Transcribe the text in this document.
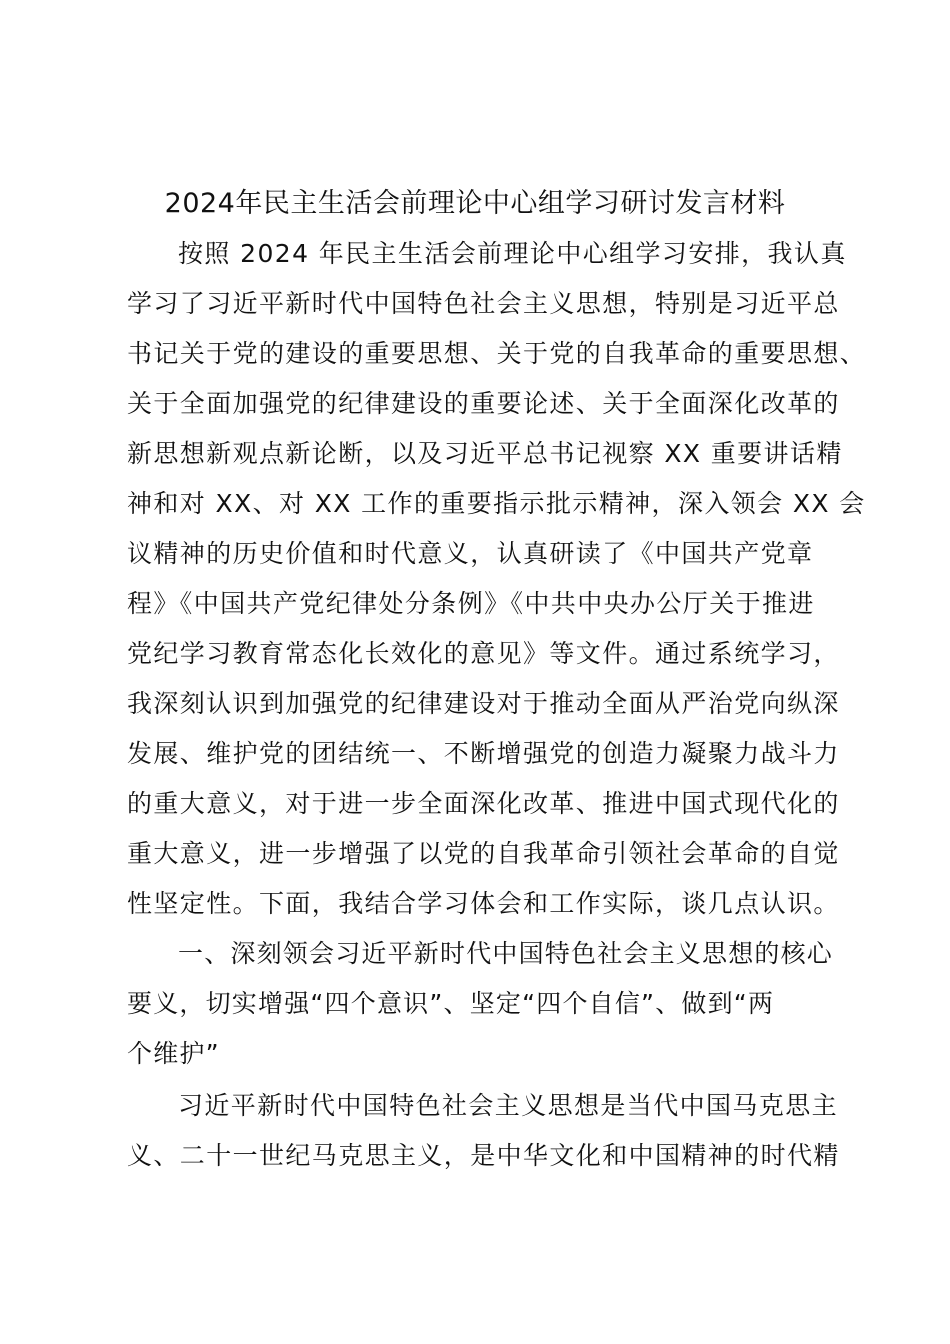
2024年民主生活会前理论中心组学习研讨发言材料

按照 2024 年民主生活会前理论中心组学习安排，我认真

学习了习近平新时代中国特色社会主义思想，特别是习近平总

书记关于党的建设的重要思想、关于党的自我革命的重要思想、

关于全面加强党的纪律建设的重要论述、关于全面深化改革的

新思想新观点新论断，以及习近平总书记视察 XX 重要讲话精

神和对 XX、对 XX 工作的重要指示批示精神，深入领会 XX 会

议精神的历史价值和时代意义，认真研读了《中国共产党章

程》《中国共产党纪律处分条例》《中共中央办公厅关于推进

党纪学习教育常态化长效化的意见》等文件。通过系统学习，

我深刻认识到加强党的纪律建设对于推动全面从严治党向纵深

发展、维护党的团结统一、不断增强党的创造力凝聚力战斗力

的重大意义，对于进一步全面深化改革、推进中国式现代化的

重大意义，进一步增强了以党的自我革命引领社会革命的自觉

性坚定性。下面，我结合学习体会和工作实际，谈几点认识。

一、深刻领会习近平新时代中国特色社会主义思想的核心

要义，切实增强“四个意识”、坚定“四个自信”、做到“两

个维护”

习近平新时代中国特色社会主义思想是当代中国马克思主

义、二十一世纪马克思主义，是中华文化和中国精神的时代精
